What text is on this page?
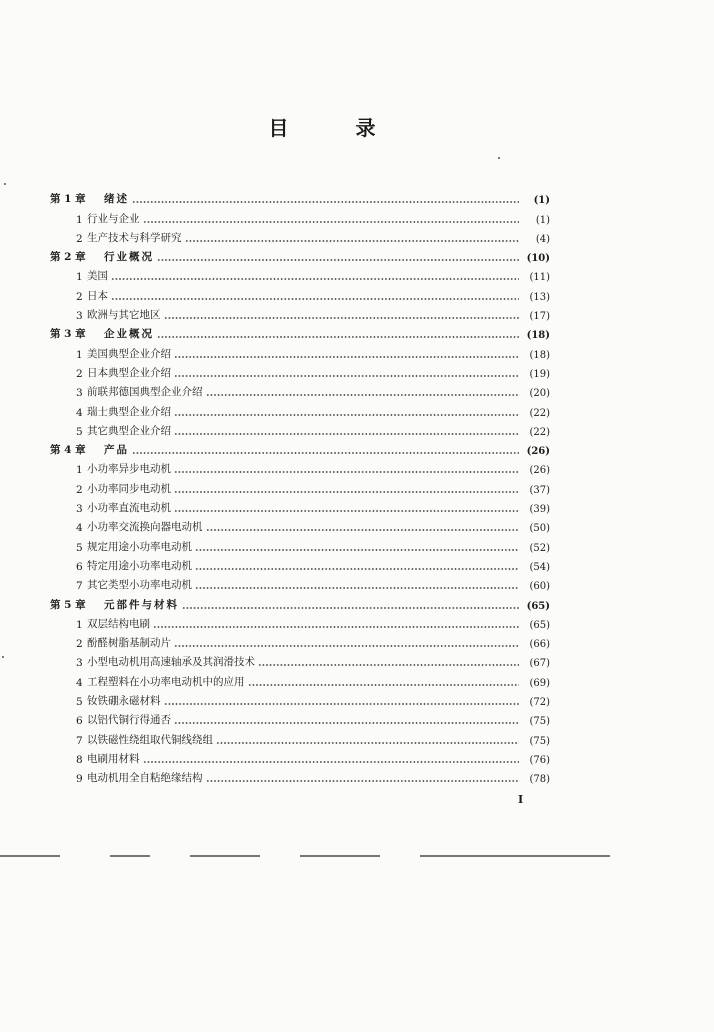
目 录
第 1 章	绪述	(1)
1 行业与企业	(1)
2 生产技术与科学研究	(4)
第 2 章	行业概况	(10)
1 美国	(11)
2 日本	(13)
3 欧洲与其它地区	(17)
第 3 章	企业概况	(18)
1 美国典型企业介绍	(18)
2 日本典型企业介绍	(19)
3 前联邦德国典型企业介绍	(20)
4 瑞士典型企业介绍	(22)
5 其它典型企业介绍	(22)
第 4 章	产品	(26)
1 小功率异步电动机	(26)
2 小功率同步电动机	(37)
3 小功率直流电动机	(39)
4 小功率交流换向器电动机	(50)
5 规定用途小功率电动机	(52)
6 特定用途小功率电动机	(54)
7 其它类型小功率电动机	(60)
第 5 章	元部件与材料	(65)
1 双层结构电刷	(65)
2 酚醛树脂基制动片	(66)
3 小型电动机用高速轴承及其润滑技术	(67)
4 工程塑料在小功率电动机中的应用	(69)
5 钕铁硼永磁材料	(72)
6 以铝代铜行得通否	(75)
7 以铁磁性绕组取代铜线绕组	(75)
8 电刷用材料	(76)
9 电动机用全自粘绝缘结构	(78)
I
